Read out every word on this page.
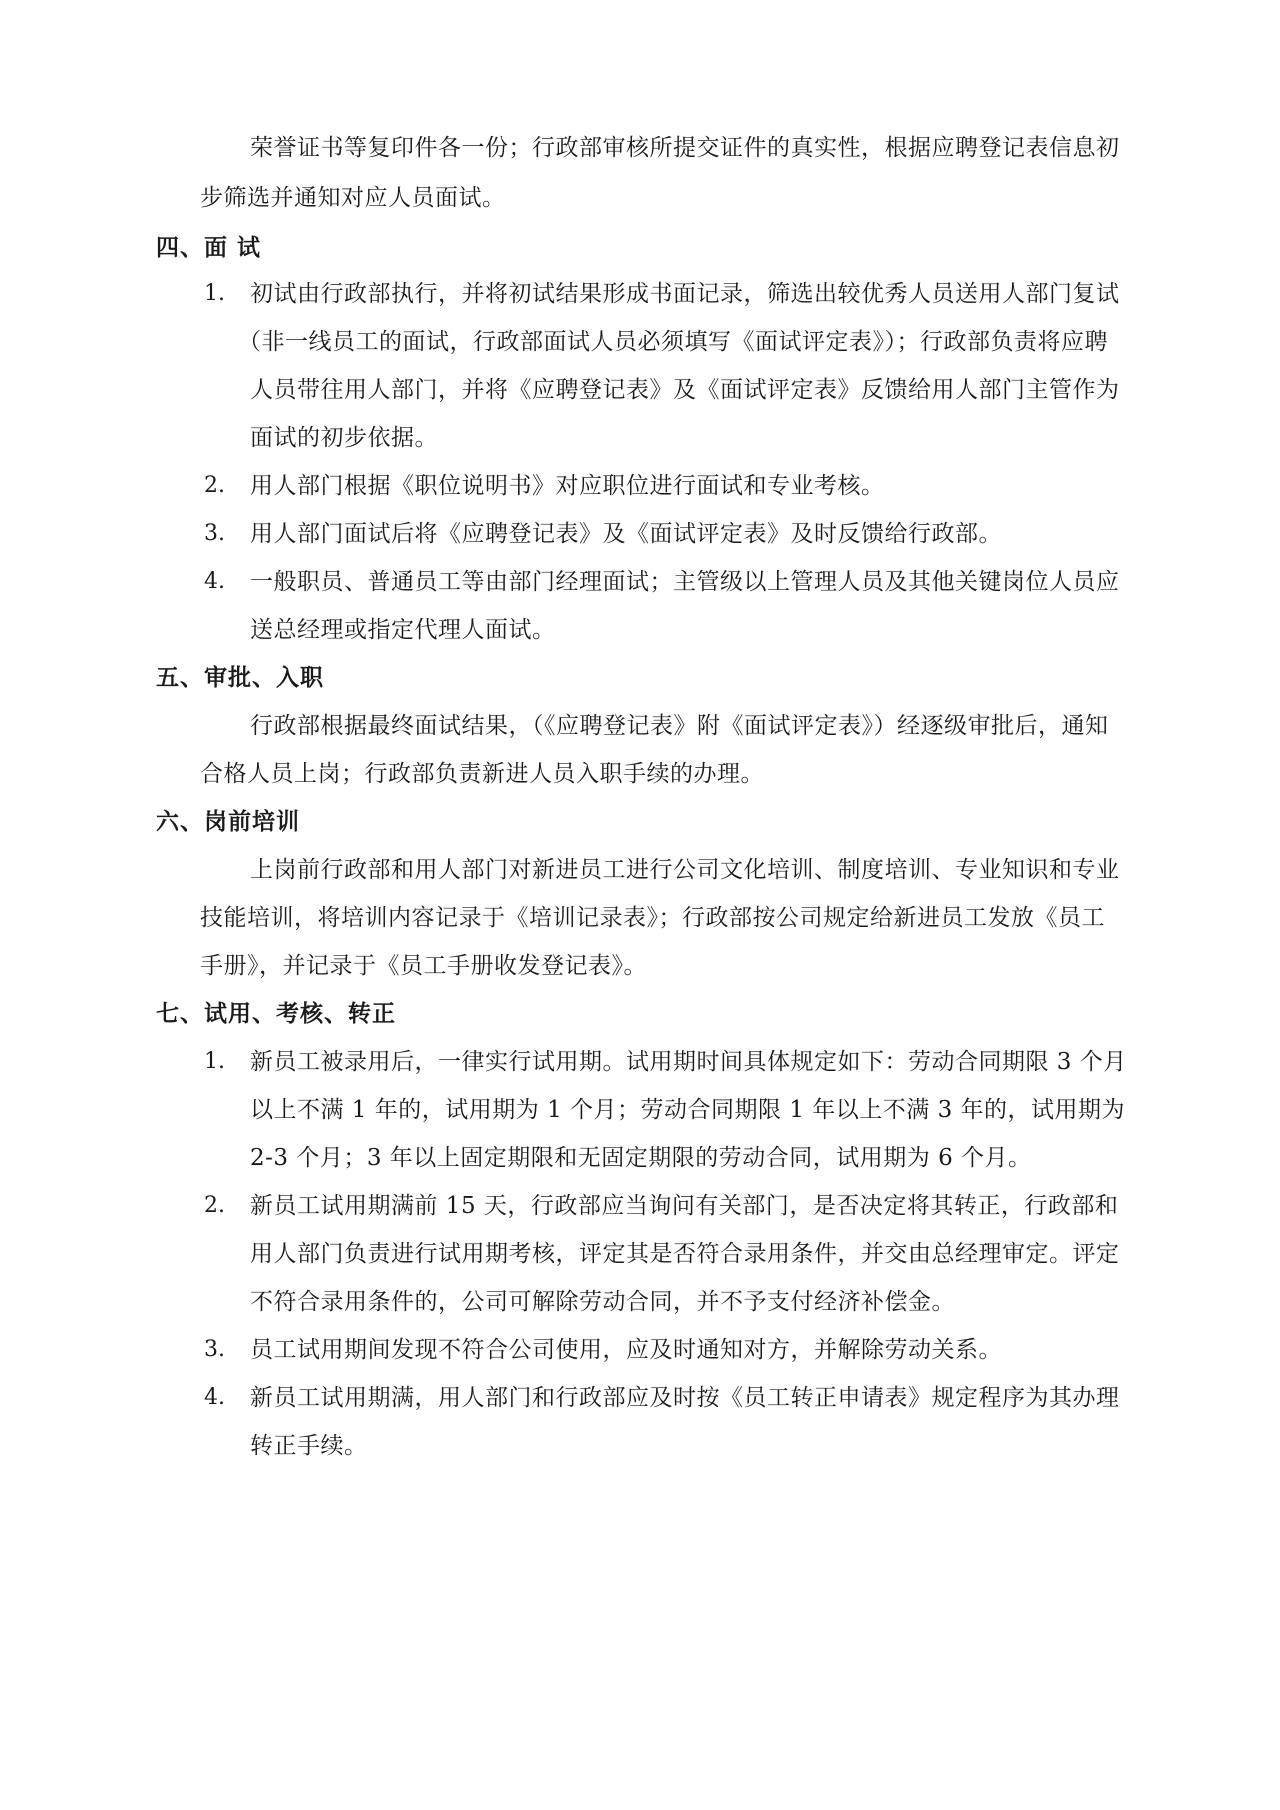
荣誉证书等复印件各一份；行政部审核所提交证件的真实性，根据应聘登记表信息初
步筛选并通知对应人员面试。
四、面 试
1. 初试由行政部执行，并将初试结果形成书面记录，筛选出较优秀人员送用人部门复试
（非一线员工的面试，行政部面试人员必须填写《面试评定表》）；行政部负责将应聘
人员带往用人部门，并将《应聘登记表》及《面试评定表》反馈给用人部门主管作为
面试的初步依据。
2. 用人部门根据《职位说明书》对应职位进行面试和专业考核。
3. 用人部门面试后将《应聘登记表》及《面试评定表》及时反馈给行政部。
4. 一般职员、普通员工等由部门经理面试；主管级以上管理人员及其他关键岗位人员应
送总经理或指定代理人面试。
五、审批、入职
行政部根据最终面试结果，（《应聘登记表》附《面试评定表》）经逐级审批后，通知
合格人员上岗；行政部负责新进人员入职手续的办理。
六、岗前培训
上岗前行政部和用人部门对新进员工进行公司文化培训、制度培训、专业知识和专业
技能培训，将培训内容记录于《培训记录表》；行政部按公司规定给新进员工发放《员工
手册》，并记录于《员工手册收发登记表》。
七、试用、考核、转正
1. 新员工被录用后，一律实行试用期。试用期时间具体规定如下：劳动合同期限 3 个月
以上不满 1 年的，试用期为 1 个月；劳动合同期限 1 年以上不满 3 年的，试用期为
2-3 个月；3 年以上固定期限和无固定期限的劳动合同，试用期为 6 个月。
2. 新员工试用期满前 15 天，行政部应当询问有关部门，是否决定将其转正，行政部和
用人部门负责进行试用期考核，评定其是否符合录用条件，并交由总经理审定。评定
不符合录用条件的，公司可解除劳动合同，并不予支付经济补偿金。
3. 员工试用期间发现不符合公司使用，应及时通知对方，并解除劳动关系。
4. 新员工试用期满，用人部门和行政部应及时按《员工转正申请表》规定程序为其办理
转正手续。
